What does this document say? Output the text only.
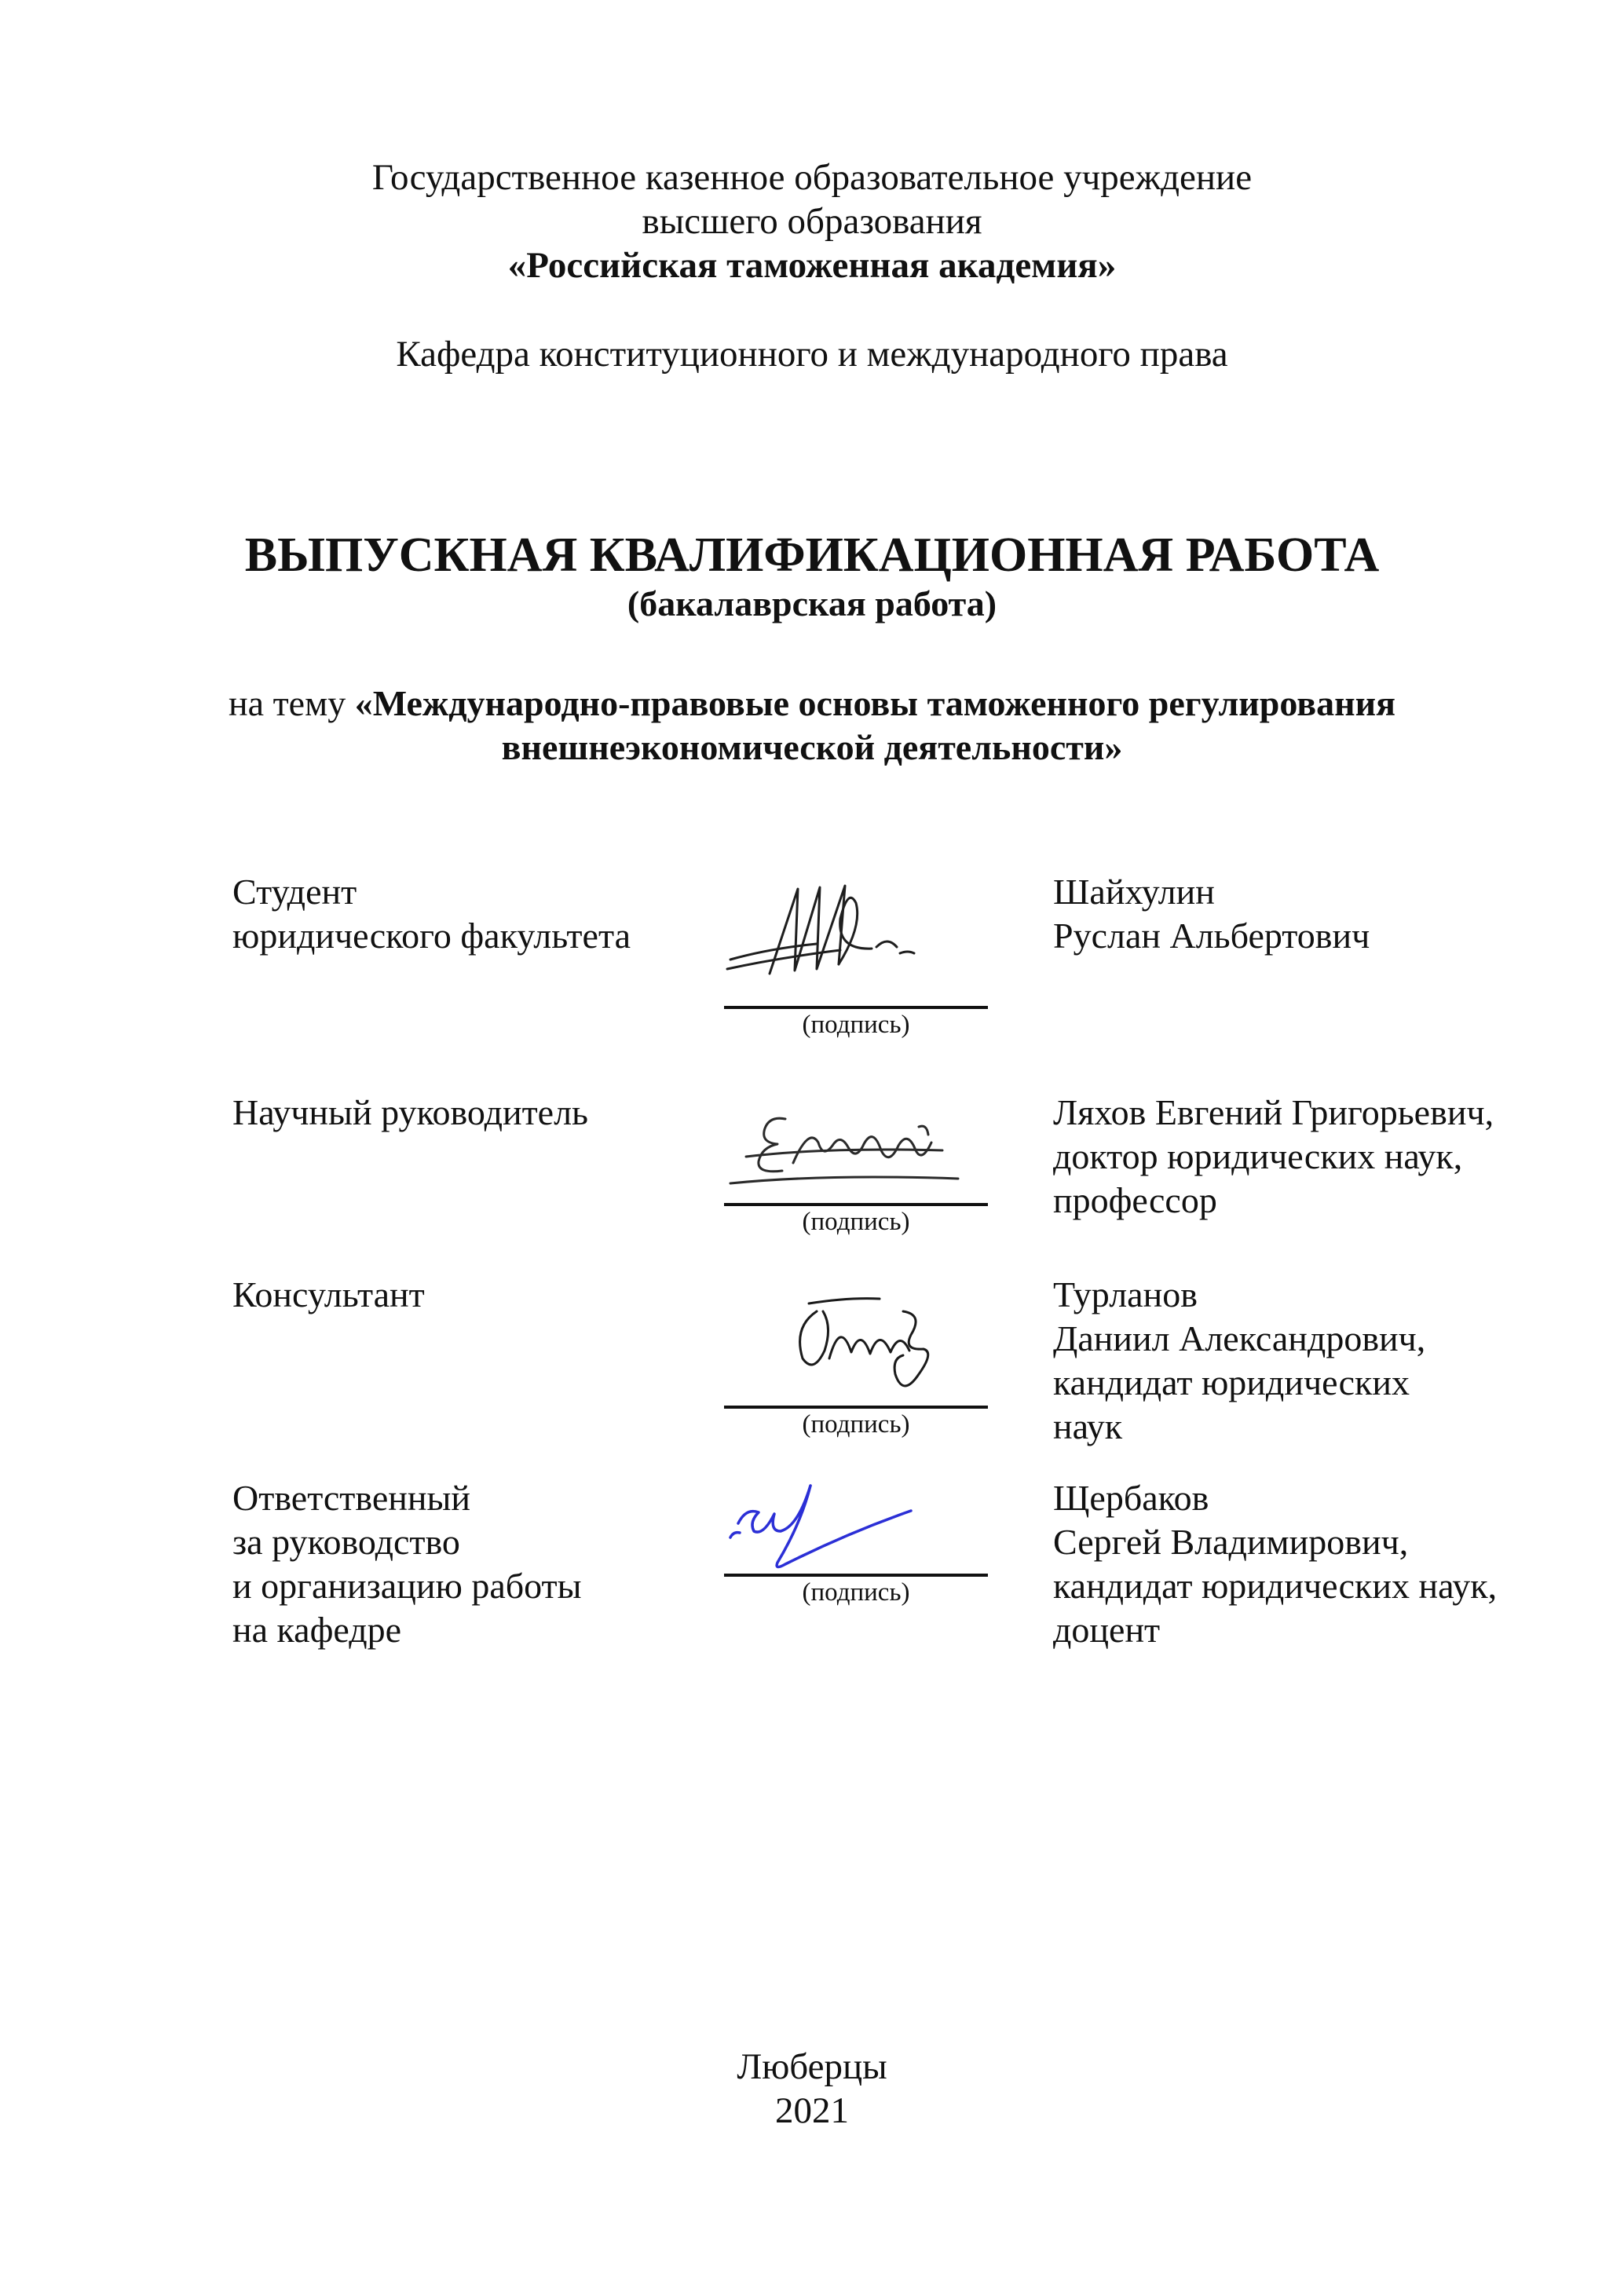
Государственное казенное образовательное учреждение
высшего образования
«Российская таможенная академия»
Кафедра конституционного и международного права
ВЫПУСКНАЯ КВАЛИФИКАЦИОННАЯ РАБОТА
(бакалаврская работа)
на тему «Международно-правовые основы таможенного регулирования
внешнеэкономической деятельности»
Студент
юридического факультета
(подпись)
Шайхулин
Руслан Альбертович
Научный руководитель
(подпись)
Ляхов Евгений Григорьевич,
доктор юридических наук,
профессор
Консультант
(подпись)
Турланов
Даниил Александрович,
кандидат юридических
наук
Ответственный
за руководство
и организацию работы
на кафедре
(подпись)
Щербаков
Сергей Владимирович,
кандидат юридических наук,
доцент
Люберцы
2021
